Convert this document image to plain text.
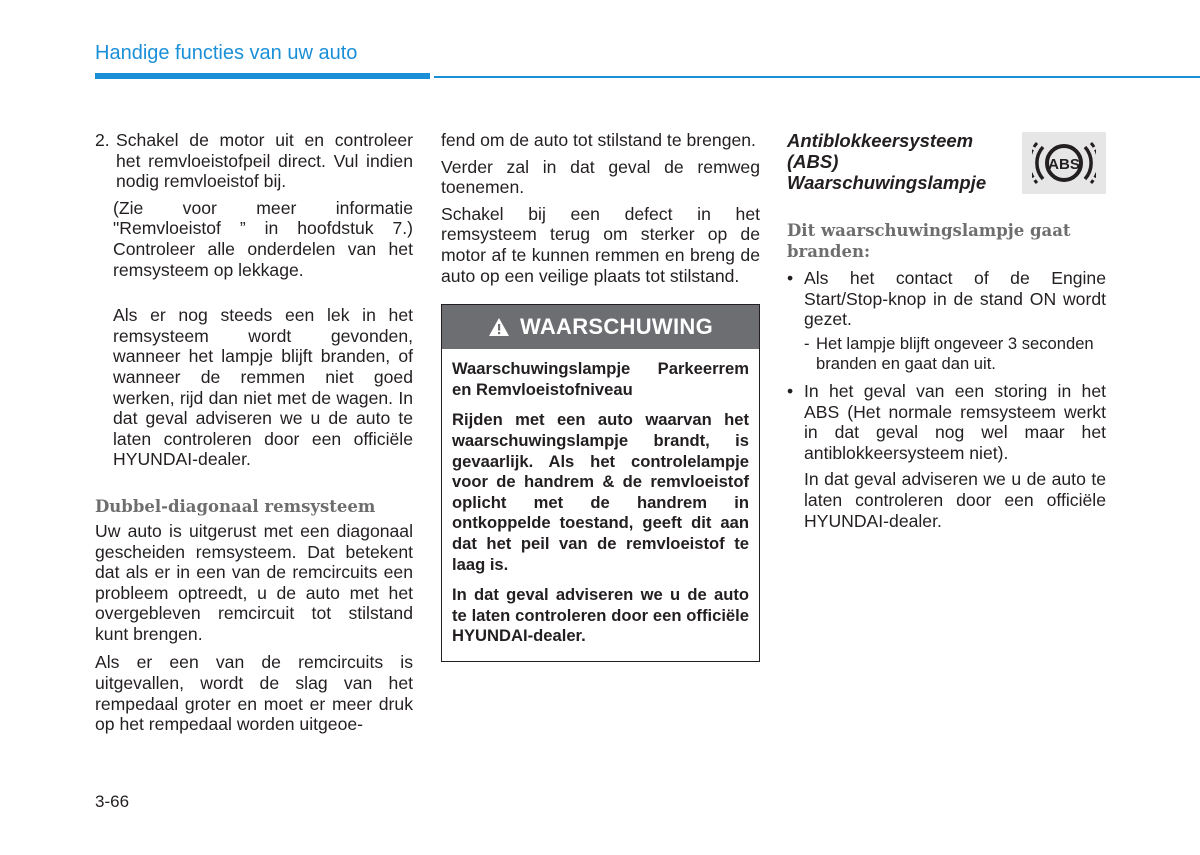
Handige functies van uw auto
2. Schakel de motor uit en controleer het remvloeistofpeil direct. Vul indien nodig remvloeistof bij.

(Zie voor meer informatie "Remvloeistof ” in hoofdstuk 7.) Controleer alle onderdelen van het remsysteem op lekkage.

Als er nog steeds een lek in het remsysteem wordt gevonden, wanneer het lampje blijft branden, of wanneer de remmen niet goed werken, rijd dan niet met de wagen. In dat geval adviseren we u de auto te laten controleren door een officiële HYUNDAI-dealer.

Dubbel-diagonaal remsysteem

Uw auto is uitgerust met een diagonaal gescheiden remsysteem. Dat betekent dat als er in een van de remcircuits een probleem optreedt, u de auto met het overgebleven remcircuit tot stilstand kunt brengen.

Als er een van de remcircuits is uitgevallen, wordt de slag van het rempedaal groter en moet er meer druk op het rempedaal worden uitgeoe-

fend om de auto tot stilstand te brengen.

Verder zal in dat geval de remweg toenemen.

Schakel bij een defect in het remsysteem terug om sterker op de motor af te kunnen remmen en breng de auto op een veilige plaats tot stilstand.

WAARSCHUWING

Waarschuwingslampje Parkeerrem en Remvloeistofniveau

Rijden met een auto waarvan het waarschuwingslampje brandt, is gevaarlijk. Als het controlelampje voor de handrem & de remvloeistof oplicht met de handrem in ontkoppelde toestand, geeft dit aan dat het peil van de remvloeistof te laag is.

In dat geval adviseren we u de auto te laten controleren door een officiële HYUNDAI-dealer.

Antiblokkeersysteem (ABS) Waarschuwingslampje
ABS

Dit waarschuwingslampje gaat branden:

• Als het contact of de Engine Start/Stop-knop in de stand ON wordt gezet.
- Het lampje blijft ongeveer 3 seconden branden en gaat dan uit.
• In het geval van een storing in het ABS (Het normale remsysteem werkt in dat geval nog wel maar het antiblokkeersysteem niet).

In dat geval adviseren we u de auto te laten controleren door een officiële HYUNDAI-dealer.

3-66
